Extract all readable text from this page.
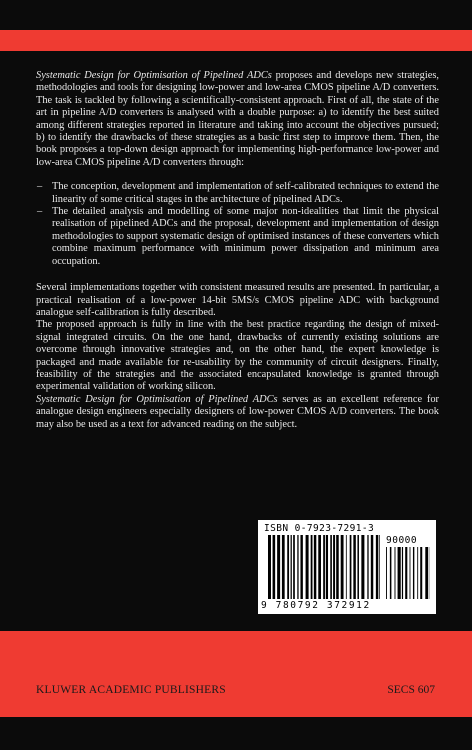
Systematic Design for Optimisation of Pipelined ADCs proposes and develops new strategies, methodologies and tools for designing low-power and low-area CMOS pipeline A/D converters. The task is tackled by following a scientifically-consistent approach. First of all, the state of the art in pipeline A/D converters is analysed with a double purpose: a) to identify the best suited among different strategies reported in literature and taking into account the objectives pursued; b) to identify the drawbacks of these strategies as a basic first step to improve them. Then, the book proposes a top-down design approach for implementing high-performance low-power and low-area CMOS pipeline A/D converters through:

– The conception, development and implementation of self-calibrated techniques to extend the linearity of some critical stages in the architecture of pipelined ADCs.
– The detailed analysis and modelling of some major non-idealities that limit the physical realisation of pipelined ADCs and the proposal, development and implementation of design methodologies to support systematic design of optimised instances of these converters which combine maximum performance with minimum power dissipation and minimum area occupation.

Several implementations together with consistent measured results are presented. In particular, a practical realisation of a low-power 14-bit 5MS/s CMOS pipeline ADC with background analogue self-calibration is fully described.

The proposed approach is fully in line with the best practice regarding the design of mixed-signal integrated circuits. On the one hand, drawbacks of currently existing solutions are overcome through innovative strategies and, on the other hand, the expert knowledge is packaged and made available for re-usability by the community of circuit designers. Finally, feasibility of the strategies and the associated encapsulated knowledge is granted through experimental validation of working silicon.

Systematic Design for Optimisation of Pipelined ADCs serves as an excellent reference for analogue design engineers especially designers of low-power CMOS A/D converters. The book may also be used as a text for advanced reading on the subject.

ISBN 0-7923-7291-3
90000
9 780792 372912
KLUWER ACADEMIC PUBLISHERS	SECS 607
